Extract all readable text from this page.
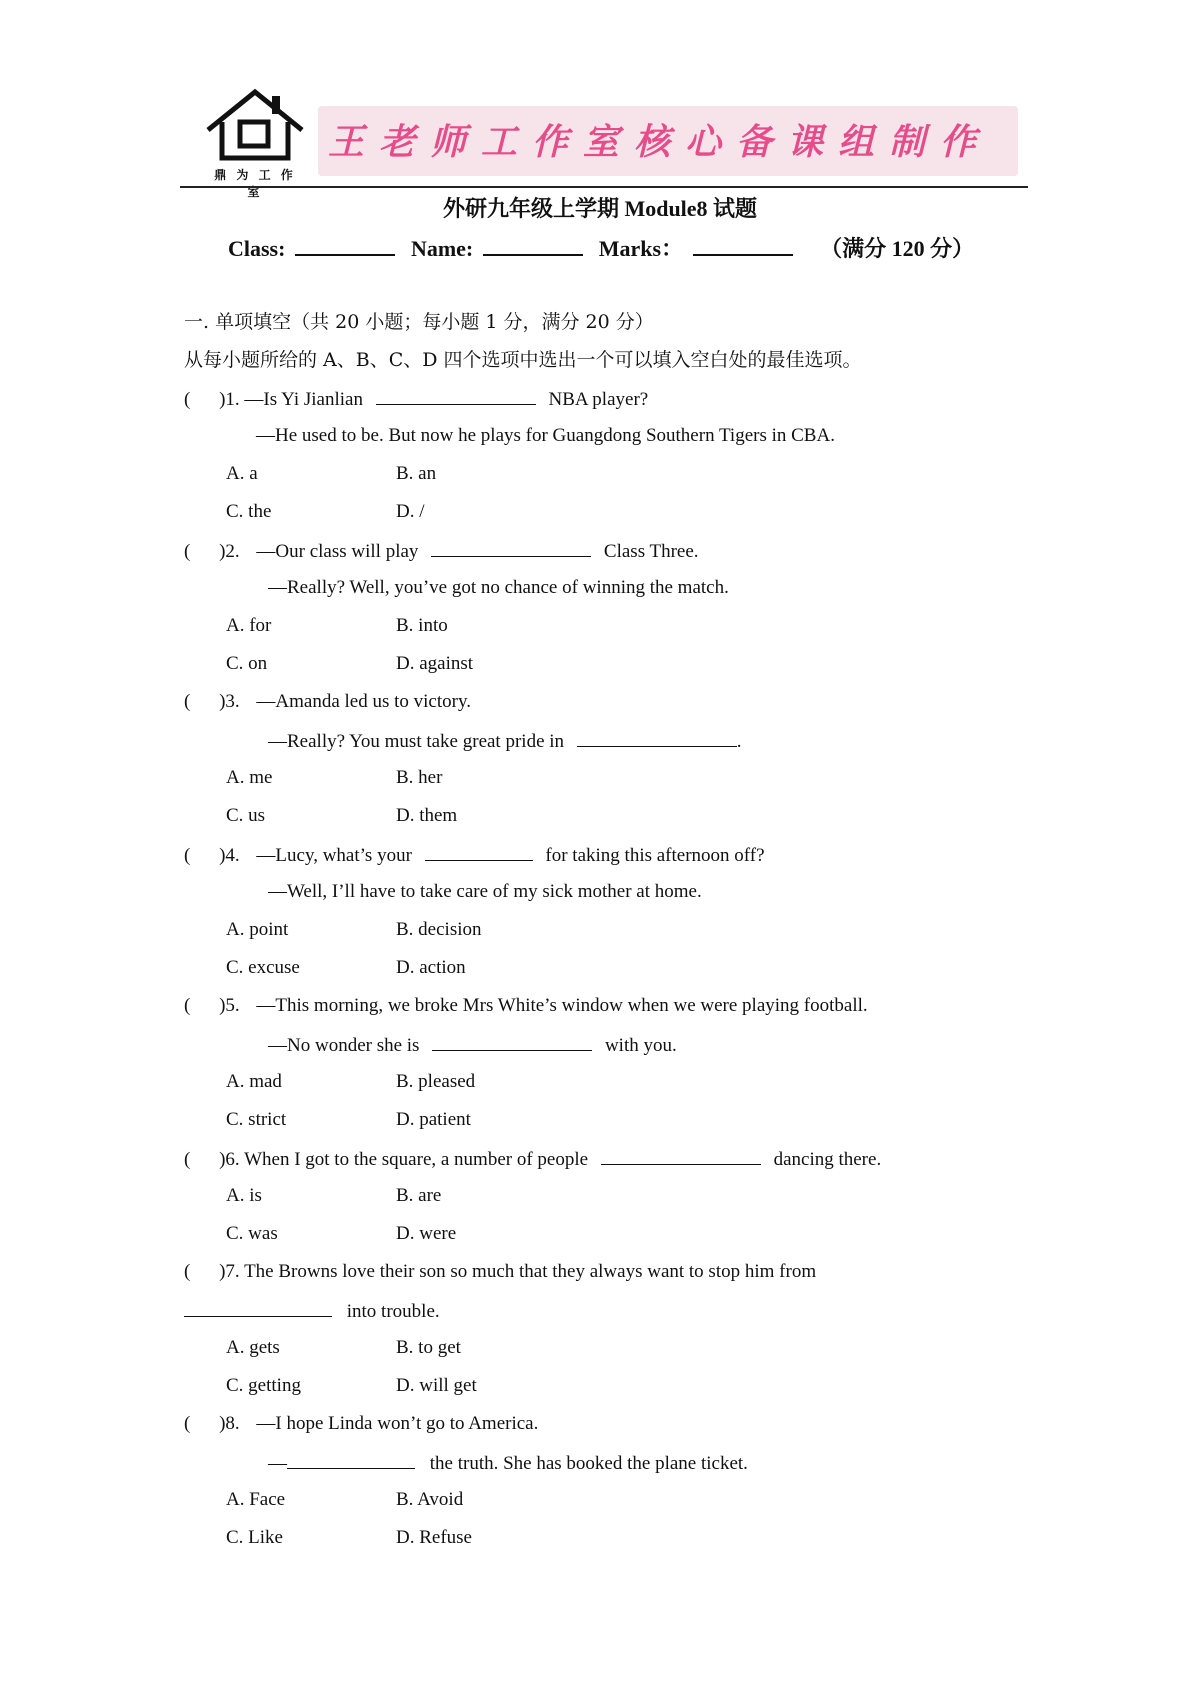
鼎 为 工 作 室
王老师工作室核心备课组制作
外研九年级上学期 Module8 试题
Class:	Name:	Marks：	（满分 120 分）
一. 单项填空（共 20 小题；每小题 1 分，满分 20 分）
从每小题所给的 A、B、C、D 四个选项中选出一个可以填入空白处的最佳选项。
( )1. —Is Yi Jianlian	NBA player?
—He used to be. But now he plays for Guangdong Southern Tigers in CBA.
A. a	B. an
C. the	D. /
( )2. —Our class will play	Class Three.
—Really? Well, you’ve got no chance of winning the match.
A. for	B. into
C. on	D. against
( )3. —Amanda led us to victory.
—Really? You must take great pride in	.
A. me	B. her
C. us	D. them
( )4. —Lucy, what’s your	for taking this afternoon off?
—Well, I’ll have to take care of my sick mother at home.
A. point	B. decision
C. excuse	D. action
( )5. —This morning, we broke Mrs White’s window when we were playing football.
—No wonder she is	with you.
A. mad	B. pleased
C. strict	D. patient
( )6. When I got to the square, a number of people	dancing there.
A. is	B. are
C. was	D. were
( )7. The Browns love their son so much that they always want to stop him from
into trouble.
A. gets	B. to get
C. getting	D. will get
( )8. —I hope Linda won’t go to America.
—	the truth. She has booked the plane ticket.
A. Face	B. Avoid
C. Like	D. Refuse
